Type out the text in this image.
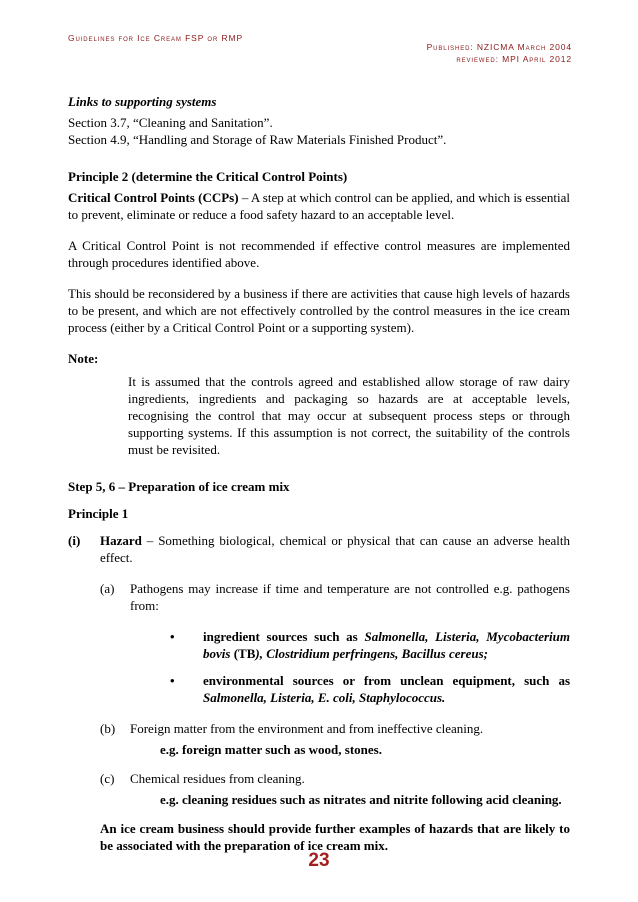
Guidelines for Ice Cream FSP or RMP
Published: NZICMA March 2004
reviewed: MPI April 2012

Links to supporting systems

Section 3.7, “Cleaning and Sanitation”.

Section 4.9, “Handling and Storage of Raw Materials Finished Product”.

Principle 2 (determine the Critical Control Points)

Critical Control Points (CCPs) – A step at which control can be applied, and which is essential to prevent, eliminate or reduce a food safety hazard to an acceptable level.

A Critical Control Point is not recommended if effective control measures are implemented through procedures identified above.

This should be reconsidered by a business if there are activities that cause high levels of hazards to be present, and which are not effectively controlled by the control measures in the ice cream process (either by a Critical Control Point or a supporting system).

Note:

It is assumed that the controls agreed and established allow storage of raw dairy ingredients, ingredients and packaging so hazards are at acceptable levels, recognising the control that may occur at subsequent process steps or through supporting systems. If this assumption is not correct, the suitability of the controls must be revisited.

Step 5, 6 – Preparation of ice cream mix

Principle 1

(i)	Hazard – Something biological, chemical or physical that can cause an adverse health effect.
(a)	Pathogens may increase if time and temperature are not controlled e.g. pathogens from:
•	ingredient sources such as Salmonella, Listeria, Mycobacterium bovis (TB), Clostridium perfringens, Bacillus cereus;
•	environmental sources or from unclean equipment, such as Salmonella, Listeria, E. coli, Staphylococcus.
(b)	Foreign matter from the environment and from ineffective cleaning.

e.g. foreign matter such as wood, stones.

(c)	Chemical residues from cleaning.

e.g. cleaning residues such as nitrates and nitrite following acid cleaning.

An ice cream business should provide further examples of hazards that are likely to be associated with the preparation of ice cream mix.

23
